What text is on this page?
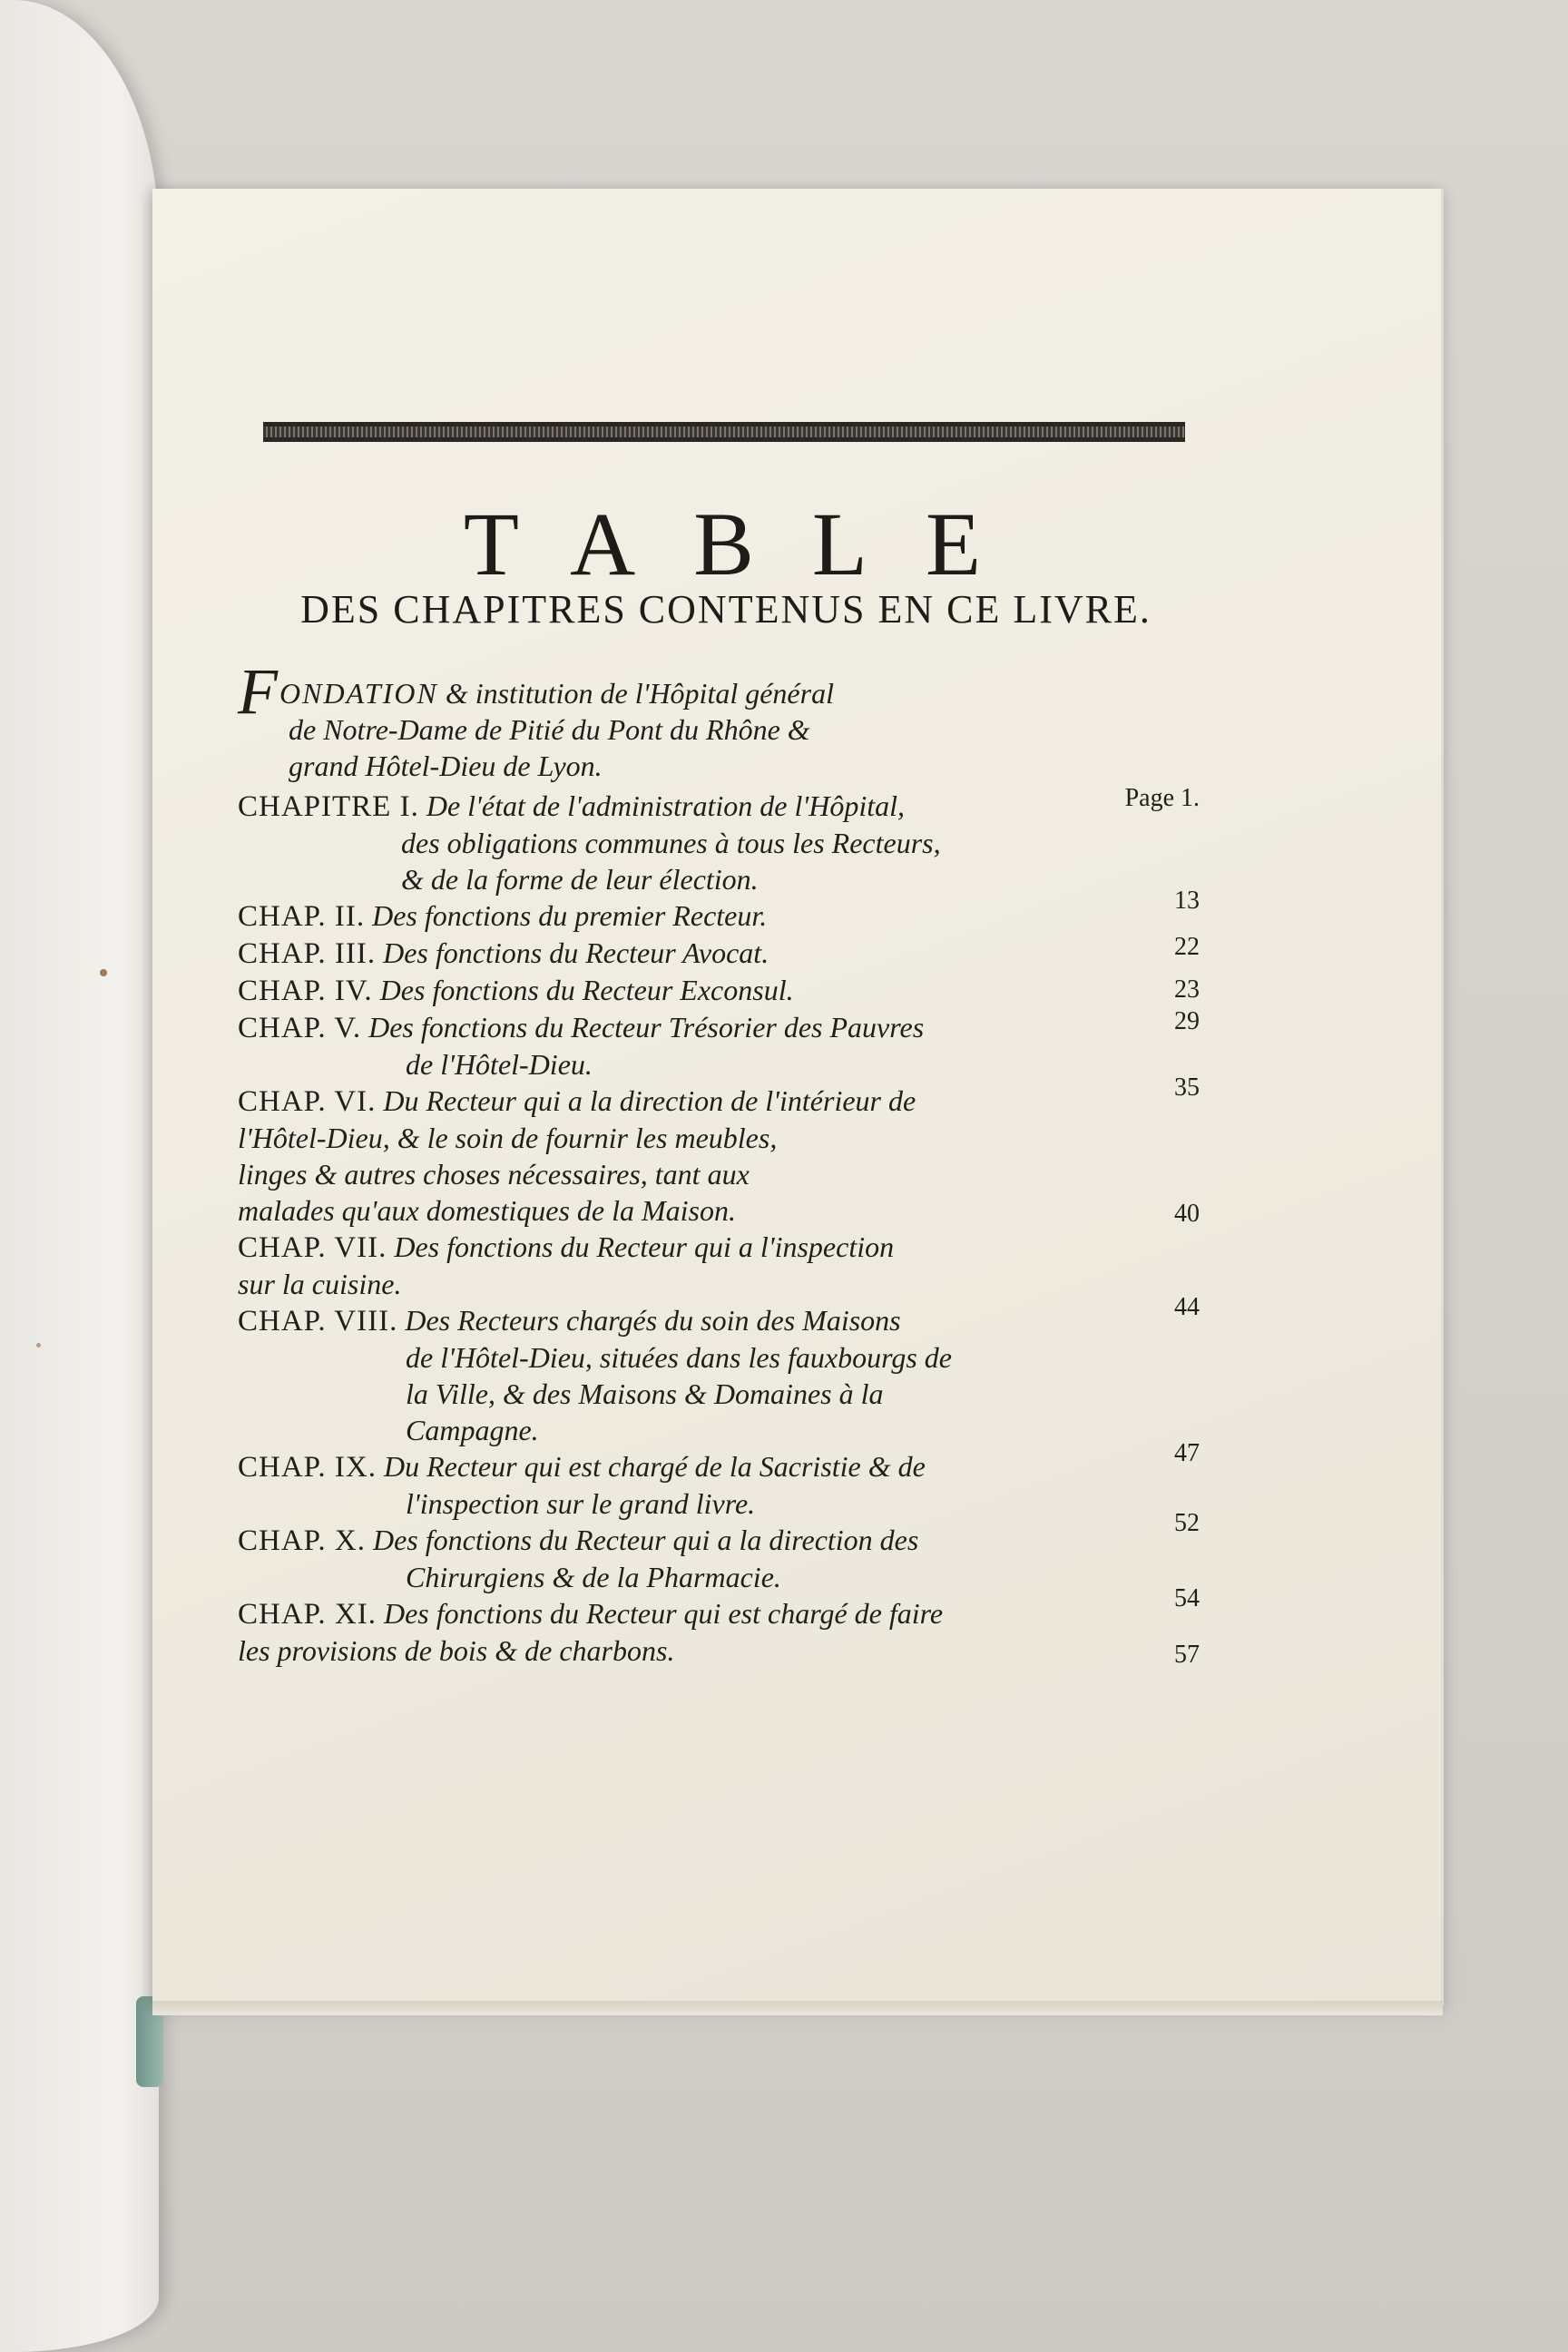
TABLE
DES CHAPITRES CONTENUS EN CE LIVRE.
F ONDATION & institution de l'Hôpital général
de Notre-Dame de Pitié du Pont du Rhône &
grand Hôtel-Dieu de Lyon.
Page 1.
CHAPITRE I. De l'état de l'administration de l'Hôpital,
des obligations communes à tous les Recteurs,
& de la forme de leur élection.
13
CHAP. II. Des fonctions du premier Recteur.
22
CHAP. III. Des fonctions du Recteur Avocat.
23
CHAP. IV. Des fonctions du Recteur Exconsul.
29
CHAP. V. Des fonctions du Recteur Trésorier des Pauvres
de l'Hôtel-Dieu.
35
CHAP. VI. Du Recteur qui a la direction de l'intérieur de
l'Hôtel-Dieu, & le soin de fournir les meubles,
linges & autres choses nécessaires, tant aux
malades qu'aux domestiques de la Maison.	40
CHAP. VII. Des fonctions du Recteur qui a l'inspection
sur la cuisine.
44
CHAP. VIII. Des Recteurs chargés du soin des Maisons
de l'Hôtel-Dieu, situées dans les fauxbourgs de
la Ville, & des Maisons & Domaines à la
Campagne.
47
CHAP. IX. Du Recteur qui est chargé de la Sacristie & de
l'inspection sur le grand livre.
52
CHAP. X. Des fonctions du Recteur qui a la direction des
Chirurgiens & de la Pharmacie.
54
CHAP. XI. Des fonctions du Recteur qui est chargé de faire
les provisions de bois & de charbons.	57
